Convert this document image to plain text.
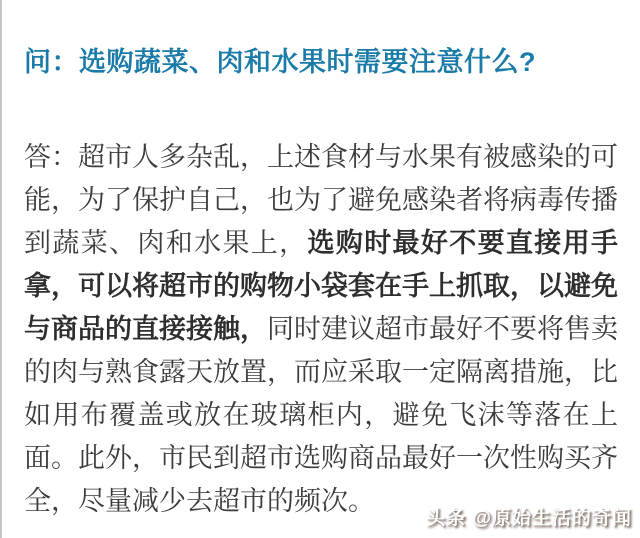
问：选购蔬菜、肉和水果时需要注意什么?
答：超市人多杂乱，上述食材与水果有被感染的可
能，为了保护自己，也为了避免感染者将病毒传播
到蔬菜、肉和水果上，选购时最好不要直接用手
拿，可以将超市的购物小袋套在手上抓取，以避免
与商品的直接接触，同时建议超市最好不要将售卖
的肉与熟食露天放置，而应采取一定隔离措施，比
如用布覆盖或放在玻璃柜内，避免飞沫等落在上
面。此外，市民到超市选购商品最好一次性购买齐
全，尽量减少去超市的频次。
头条 @原始生活的奇闻
